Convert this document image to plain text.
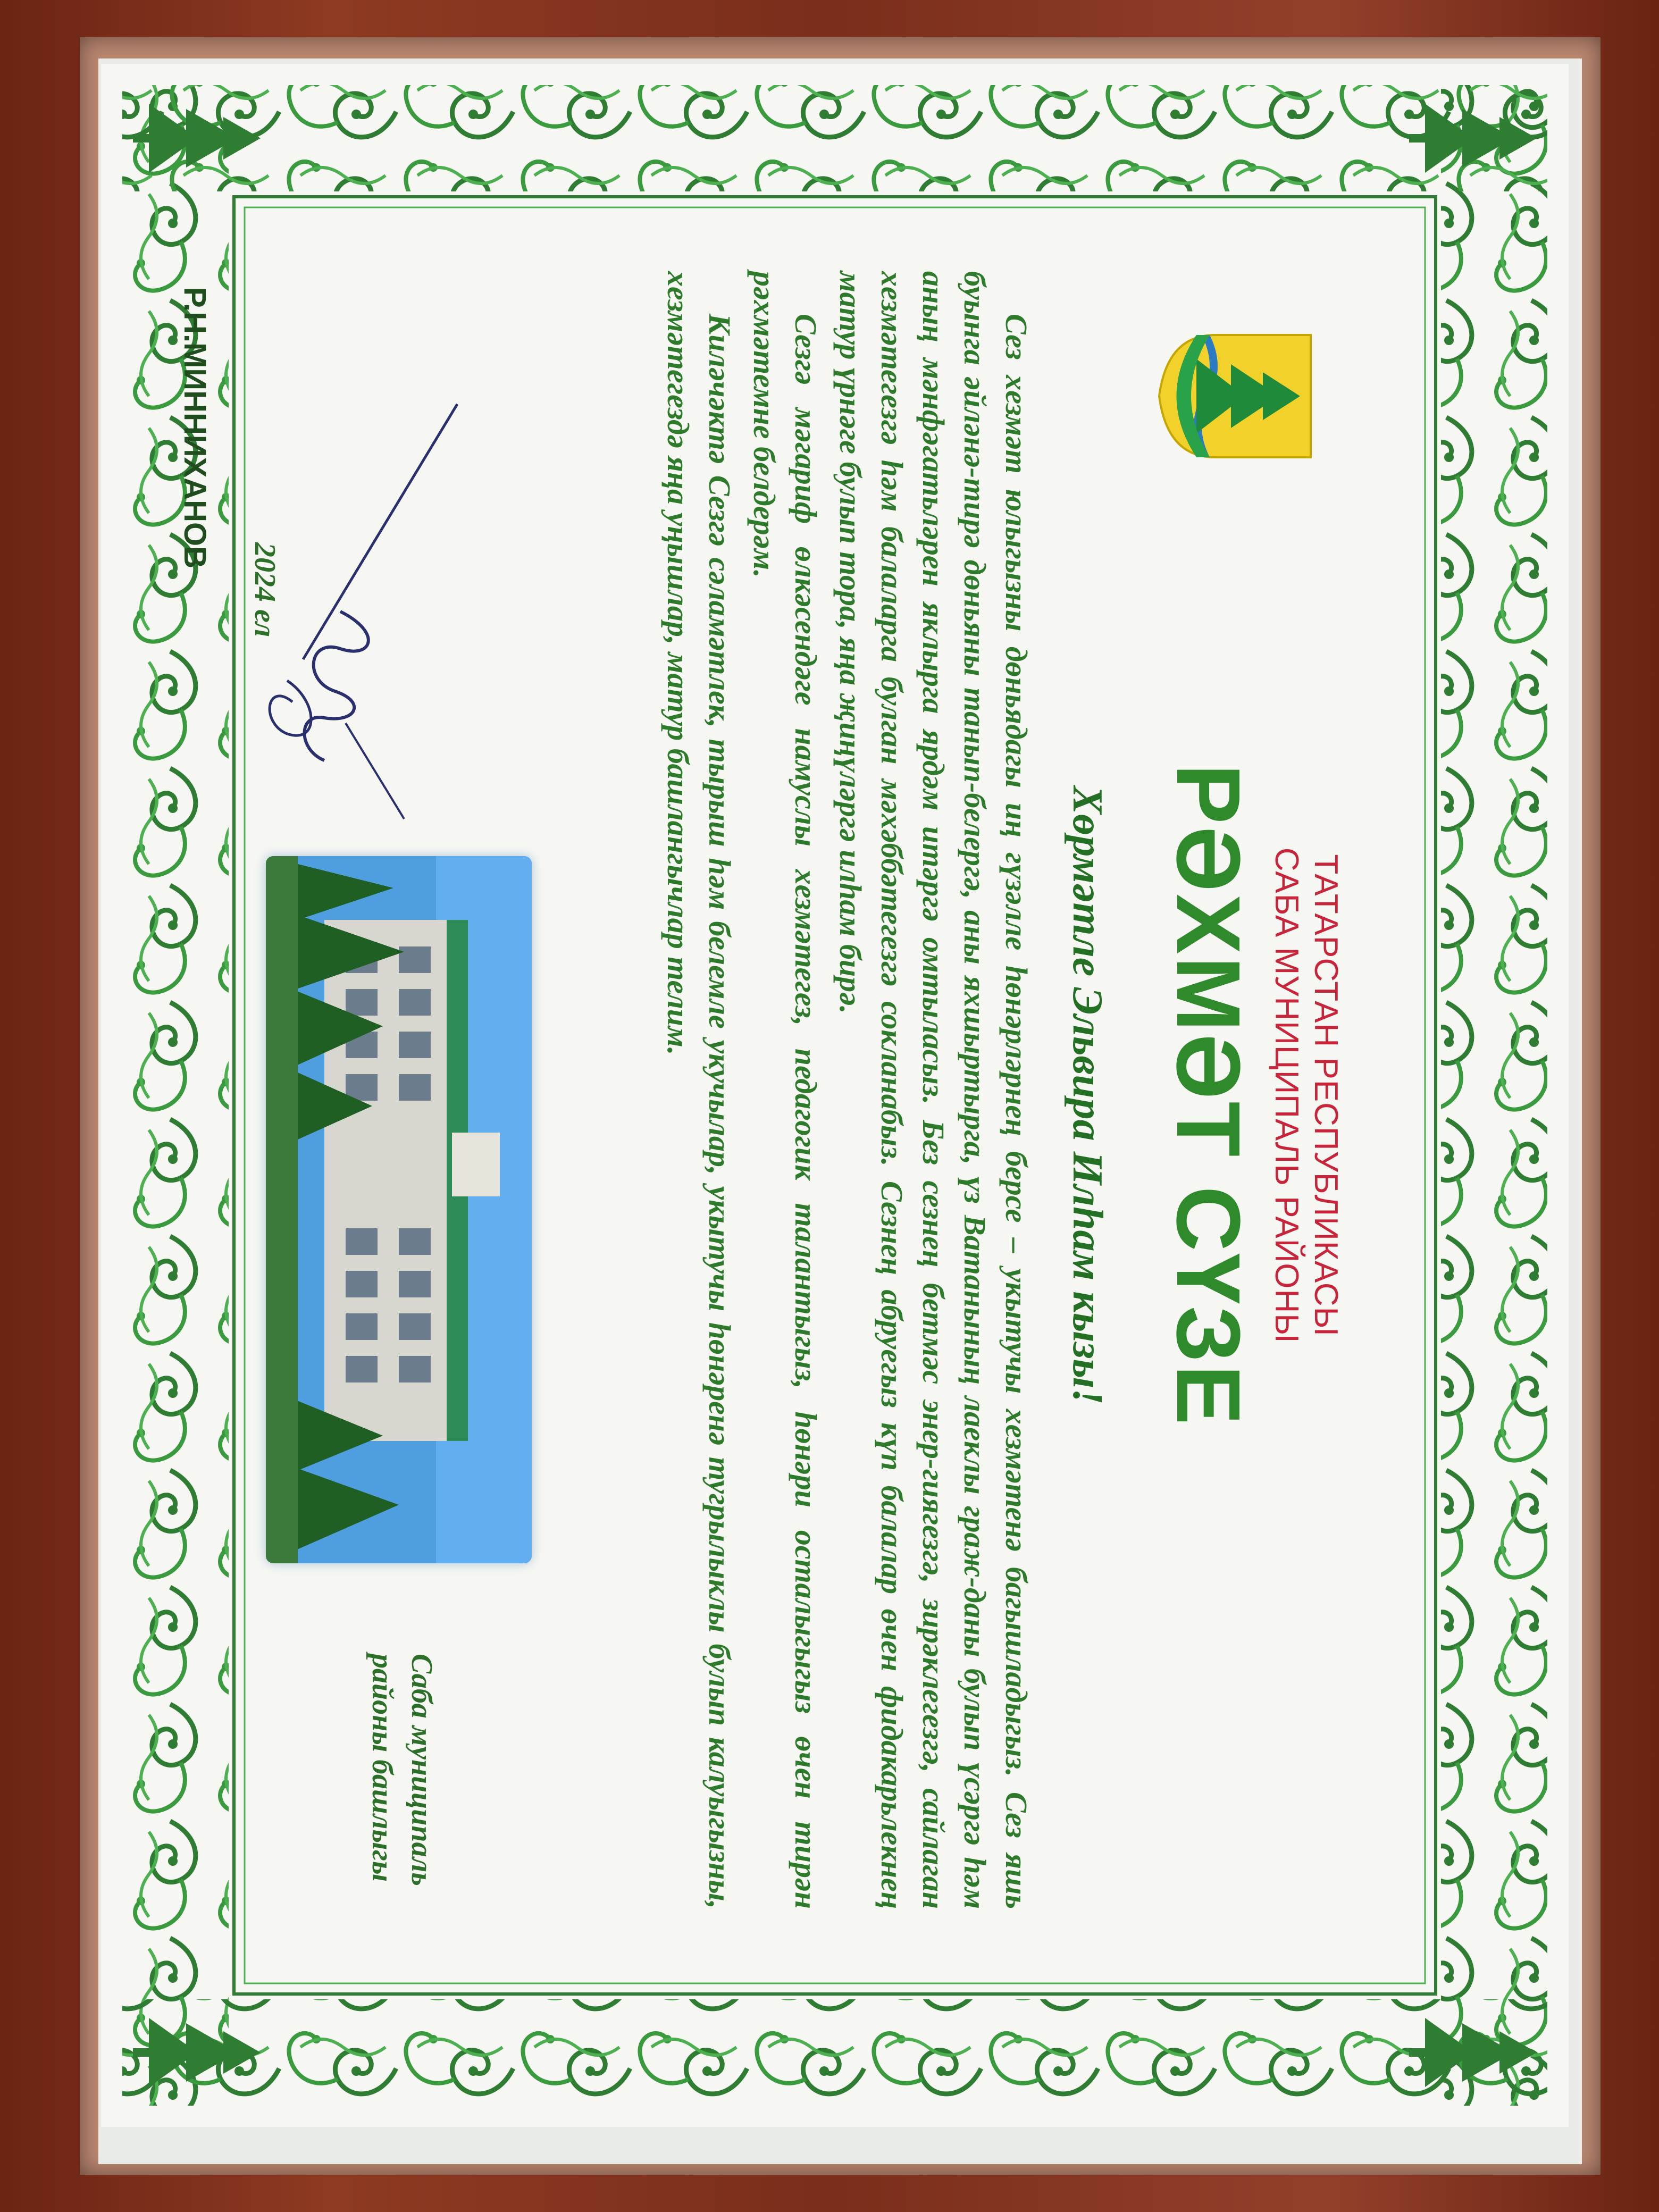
ТАТАРСТАН РЕСПУБЛИКАСЫ
САБА МУНИЦИПАЛЬ РАЙОНЫ
РӘХМӘТ СҮЗЕ
Хөрмәтле Эльвира Илһам кызы!

Сез хезмәт юлыгызны дөньядагы иң гүзәлле һөнәрләрнең берсе – укытучы хезмәтенә багышладыгыз. Сез яшь буынга әйләнә-тирә дөньяны танып-белергә, аны яхшыртырга, үз Ватанының лаеклы граж-даны булып үсәргә һәм аның мәнфәгатьләрен яклырга ярдәм итәргә омтыласыз. Без сезнең бетмәс энер-гиягезгә, зирәклегезгә, сайлаган хезмәтегезгә һәм балаларга булган мәхәббәтегезгә сокланабыз. Сезнең абруегыз күп балалар өчен фидакарьлекнең матур үрнәге булып тора, яңа җиңүләргә илһам бирә.

Сезгә мәгариф өлкәсендәге намуслы хезмәтегез, педагогик талантыгыз, һөнәри осталыгыгыз өчен тирән рәхмәтемне белдерәм.

Киләчәктә Сезгә сәламәтлек, тырыш һәм белемле укучылар, укытучы һөнәренә тугрылыклы булып калуыгызны, хезмәтегездә яңа уңышлар, матур башлангычлар телим.

2024 ел
Р.Н.МИННИХАНОВ
Саба муниципаль
районы башлыгы
